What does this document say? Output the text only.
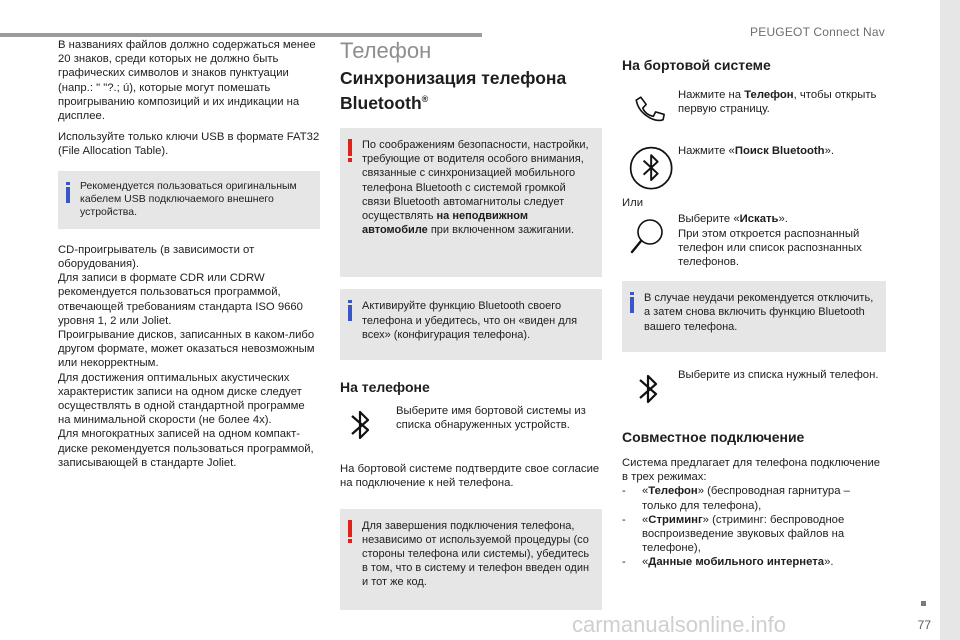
PEUGEOT Connect Nav
77
carmanualsonline.info

В названиях файлов должно содержаться менее 20 знаков, среди которых не должно быть графических символов и знаков пунктуации (напр.: " "?.; ú), которые могут помешать проигрыванию композиций и их индикации на дисплее.

Используйте только ключи USB в формате FAT32 (File Allocation Table).

Рекомендуется пользоваться оригинальным кабелем USB подключаемого внешнего устройства.
CD-проигрыватель (в зависимости от оборудования).
Для записи в формате CDR или CDRW рекомендуется пользоваться программой, отвечающей требованиям стандарта ISO 9660 уровня 1, 2 или Joliet.
Проигрывание дисков, записанных в каком-либо другом формате, может оказаться невозможным или некорректным.
Для достижения оптимальных акустических характеристик записи на одном диске следует осуществлять в одной стандартной программе на минимальной скорости (не более 4x).
Для многократных записей на одном компакт-диске рекомендуется пользоваться программой, записывающей в стандарте Joliet.
Телефон
Синхронизация телефона Bluetooth®
По соображениям безопасности, настройки, требующие от водителя особого внимания, связанные с синхронизацией мобильного телефона Bluetooth с системой громкой связи Bluetooth автомагнитолы следует осуществлять на неподвижном автомобиле при включенном зажигании.
Активируйте функцию Bluetooth своего телефона и убедитесь, что он «виден для всех» (конфигурация телефона).
На телефоне
Выберите имя бортовой системы из списка обнаруженных устройств.

На бортовой системе подтвердите свое согласие на подключение к ней телефона.

Для завершения подключения телефона, независимо от используемой процедуры (со стороны телефона или системы), убедитесь в том, что в систему и телефон введен один и тот же код.
На бортовой системе
Нажмите на Телефон, чтобы открыть первую страницу.
Нажмите «Поиск Bluetooth».
Или
Выберите «Искать».
При этом откроется распознанный телефон или список распознанных телефонов.
В случае неудачи рекомендуется отключить, а затем снова включить функцию Bluetooth вашего телефона.
Выберите из списка нужный телефон.
Совместное подключение
Система предлагает для телефона подключение в трех режимах:
- «Телефон» (беспроводная гарнитура – только для телефона),
- «Стриминг» (стриминг: беспроводное воспроизведение звуковых файлов на телефоне),
- «Данные мобильного интернета».
